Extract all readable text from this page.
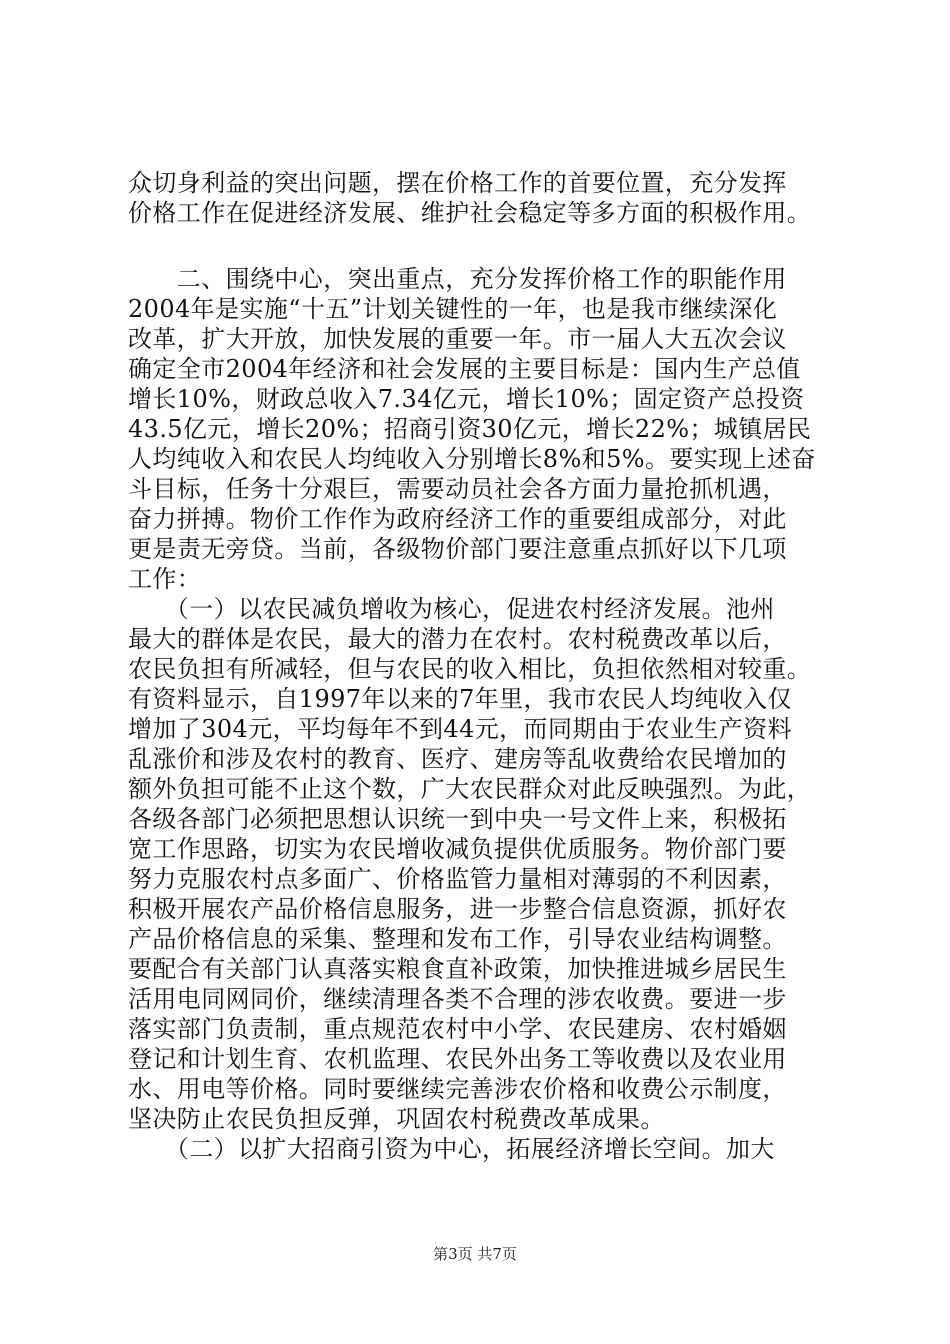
众切身利益的突出问题，摆在价格工作的首要位置，充分发挥
价格工作在促进经济发展、维护社会稳定等多方面的积极作用。
　　二、围绕中心，突出重点，充分发挥价格工作的职能作用
2004年是实施“十五”计划关键性的一年，也是我市继续深化
改革，扩大开放，加快发展的重要一年。市一届人大五次会议
确定全市2004年经济和社会发展的主要目标是：国内生产总值
增长10%，财政总收入7.34亿元，增长10%；固定资产总投资
43.5亿元，增长20%；招商引资30亿元，增长22%；城镇居民
人均纯收入和农民人均纯收入分别增长8%和5%。要实现上述奋
斗目标，任务十分艰巨，需要动员社会各方面力量抢抓机遇，
奋力拼搏。物价工作作为政府经济工作的重要组成部分，对此
更是责无旁贷。当前，各级物价部门要注意重点抓好以下几项
工作：
　　（一）以农民减负增收为核心，促进农村经济发展。池州
最大的群体是农民，最大的潜力在农村。农村税费改革以后，
农民负担有所减轻，但与农民的收入相比，负担依然相对较重。
有资料显示，自1997年以来的7年里，我市农民人均纯收入仅
增加了304元，平均每年不到44元，而同期由于农业生产资料
乱涨价和涉及农村的教育、医疗、建房等乱收费给农民增加的
额外负担可能不止这个数，广大农民群众对此反映强烈。为此，
各级各部门必须把思想认识统一到中央一号文件上来，积极拓
宽工作思路，切实为农民增收减负提供优质服务。物价部门要
努力克服农村点多面广、价格监管力量相对薄弱的不利因素，
积极开展农产品价格信息服务，进一步整合信息资源，抓好农
产品价格信息的采集、整理和发布工作，引导农业结构调整。
要配合有关部门认真落实粮食直补政策，加快推进城乡居民生
活用电同网同价，继续清理各类不合理的涉农收费。要进一步
落实部门负责制，重点规范农村中小学、农民建房、农村婚姻
登记和计划生育、农机监理、农民外出务工等收费以及农业用
水、用电等价格。同时要继续完善涉农价格和收费公示制度，
坚决防止农民负担反弹，巩固农村税费改革成果。
　　（二）以扩大招商引资为中心，拓展经济增长空间。加大
第3页 共7页
